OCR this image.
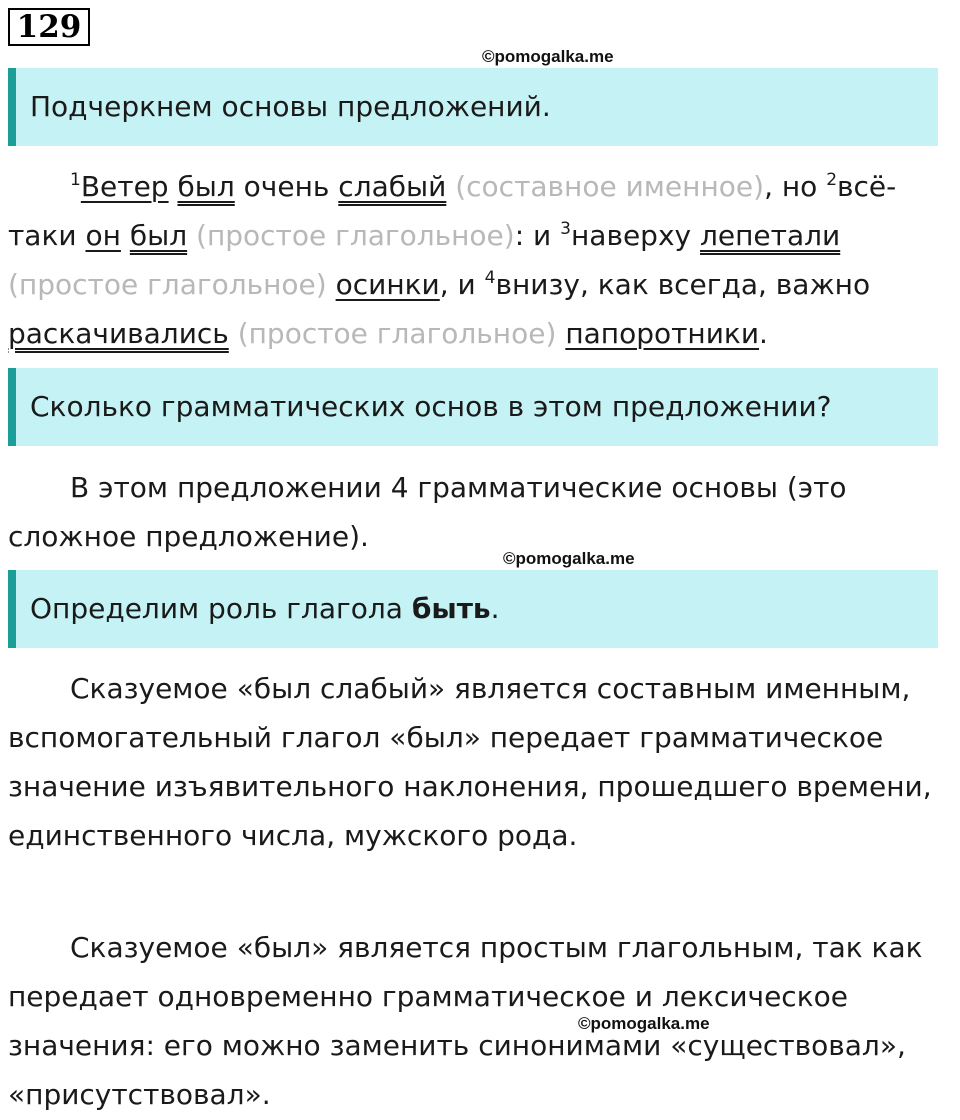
129
©pomogalka.me
Подчеркнем основы предложений.

$^1$Ветер был очень слабый (составное именное), но $^2$всё-
таки он был (простое глагольное): и $^3$наверху лепетали
(простое глагольное) осинки, и $^4$внизу, как всегда, важно
раскачивались (простое глагольное) папоротники.

Сколько грамматических основ в этом предложении?

В этом предложении 4 грамматические основы (это сложное предложение).

©pomogalka.me
Определим роль глагола быть.

Сказуемое «был слабый» является составным именным, вспомогательный глагол «был» передает грамматическое значение изъявительного наклонения, прошедшего времени, единственного числа, мужского рода.

Сказуемое «был» является простым глагольным, так как передает одновременно грамматическое и лексическое значения: его можно заменить синонимами «существовал», «присутствовал».

©pomogalka.me
